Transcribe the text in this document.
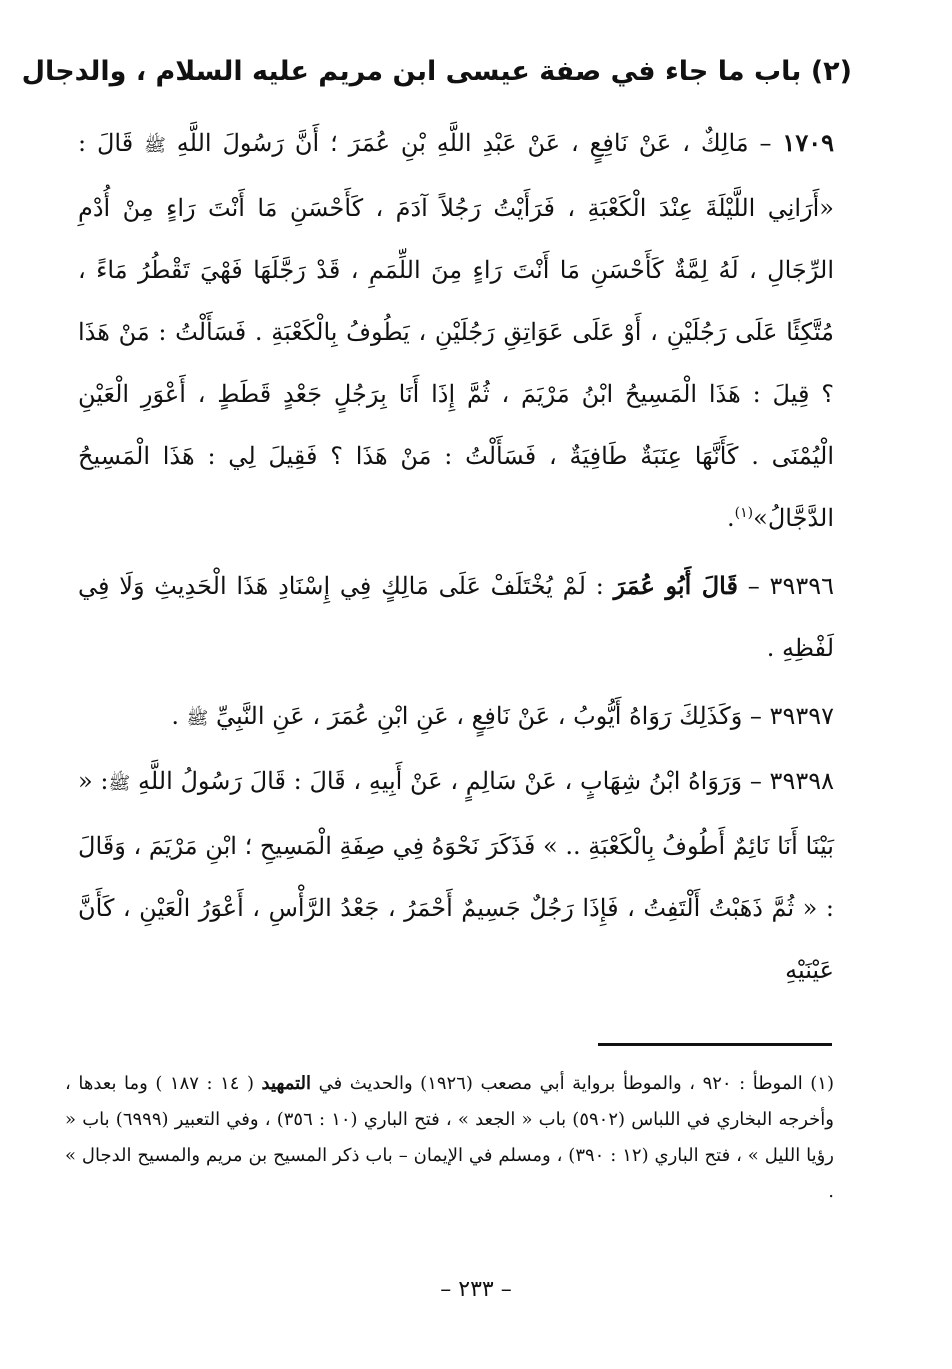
(٢) باب ما جاء في صفة عيسى ابن مريم عليه السلام ، والدجال

١٧٠٩ – مَالِكٌ ، عَنْ نَافِعٍ ، عَنْ عَبْدِ اللَّهِ بْنِ عُمَرَ ؛ أَنَّ رَسُولَ اللَّهِ ﷺ قَالَ : «أَرَانِي اللَّيْلَةَ عِنْدَ الْكَعْبَةِ ، فَرَأَيْتُ رَجُلاً آدَمَ ، كَأَحْسَنِ مَا أَنْتَ رَاءٍ مِنْ أُدْمِ الرِّجَالِ ، لَهُ لِمَّةٌ كَأَحْسَنِ مَا أَنْتَ رَاءٍ مِنَ اللِّمَمِ ، قَدْ رَجَّلَهَا فَهْيَ تَقْطُرُ مَاءً ، مُتَّكِئًا عَلَى رَجُلَيْنِ ، أَوْ عَلَى عَوَاتِقِ رَجُلَيْنِ ، يَطُوفُ بِالْكَعْبَةِ . فَسَأَلْتُ : مَنْ هَذَا ؟ قِيلَ : هَذَا الْمَسِيحُ ابْنُ مَرْيَمَ ، ثُمَّ إِذَا أَنَا بِرَجُلٍ جَعْدٍ قَطَطٍ ، أَعْوَرِ الْعَيْنِ الْيُمْنَى . كَأَنَّهَا عِنَبَةٌ طَافِيَةٌ ، فَسَأَلْتُ : مَنْ هَذَا ؟ فَقِيلَ لِي : هَذَا الْمَسِيحُ الدَّجَّالُ»$^{(١)}$.

٣٩٣٩٦ – قَالَ أَبُو عُمَرَ : لَمْ يُخْتَلَفْ عَلَى مَالِكٍ فِي إِسْنَادِ هَذَا الْحَدِيثِ وَلَا فِي لَفْظِهِ .

٣٩٣٩٧ – وَكَذَلِكَ رَوَاهُ أَيُّوبُ ، عَنْ نَافِعٍ ، عَنِ ابْنِ عُمَرَ ، عَنِ النَّبِيِّ ﷺ .

٣٩٣٩٨ – وَرَوَاهُ ابْنُ شِهَابٍ ، عَنْ سَالِمٍ ، عَنْ أَبِيهِ ، قَالَ : قَالَ رَسُولُ اللَّهِ ﷺ: « بَيْنَا أَنَا نَائِمٌ أَطُوفُ بِالْكَعْبَةِ .. » فَذَكَرَ نَحْوَهُ فِي صِفَةِ الْمَسِيحِ ؛ ابْنِ مَرْيَمَ ، وَقَالَ : « ثُمَّ ذَهَبْتُ أَلْتَفِتُ ، فَإِذَا رَجُلٌ جَسِيمٌ أَحْمَرُ ، جَعْدُ الرَّأْسِ ، أَعْوَرُ الْعَيْنِ ، كَأَنَّ عَيْنَيْهِ

(١) الموطأ : ٩٢٠ ، والموطأ برواية أبي مصعب (١٩٢٦) والحديث في التمهيد ( ١٤ : ١٨٧ ) وما بعدها ، وأخرجه البخاري في اللباس (٥٩٠٢) باب « الجعد » ، فتح الباري (١٠ : ٣٥٦) ، وفي التعبير (٦٩٩٩) باب « رؤيا الليل » ، فتح الباري (١٢ : ٣٩٠) ، ومسلم في الإيمان – باب ذكر المسيح بن مريم والمسيح الدجال » .

– ٢٣٣ –
